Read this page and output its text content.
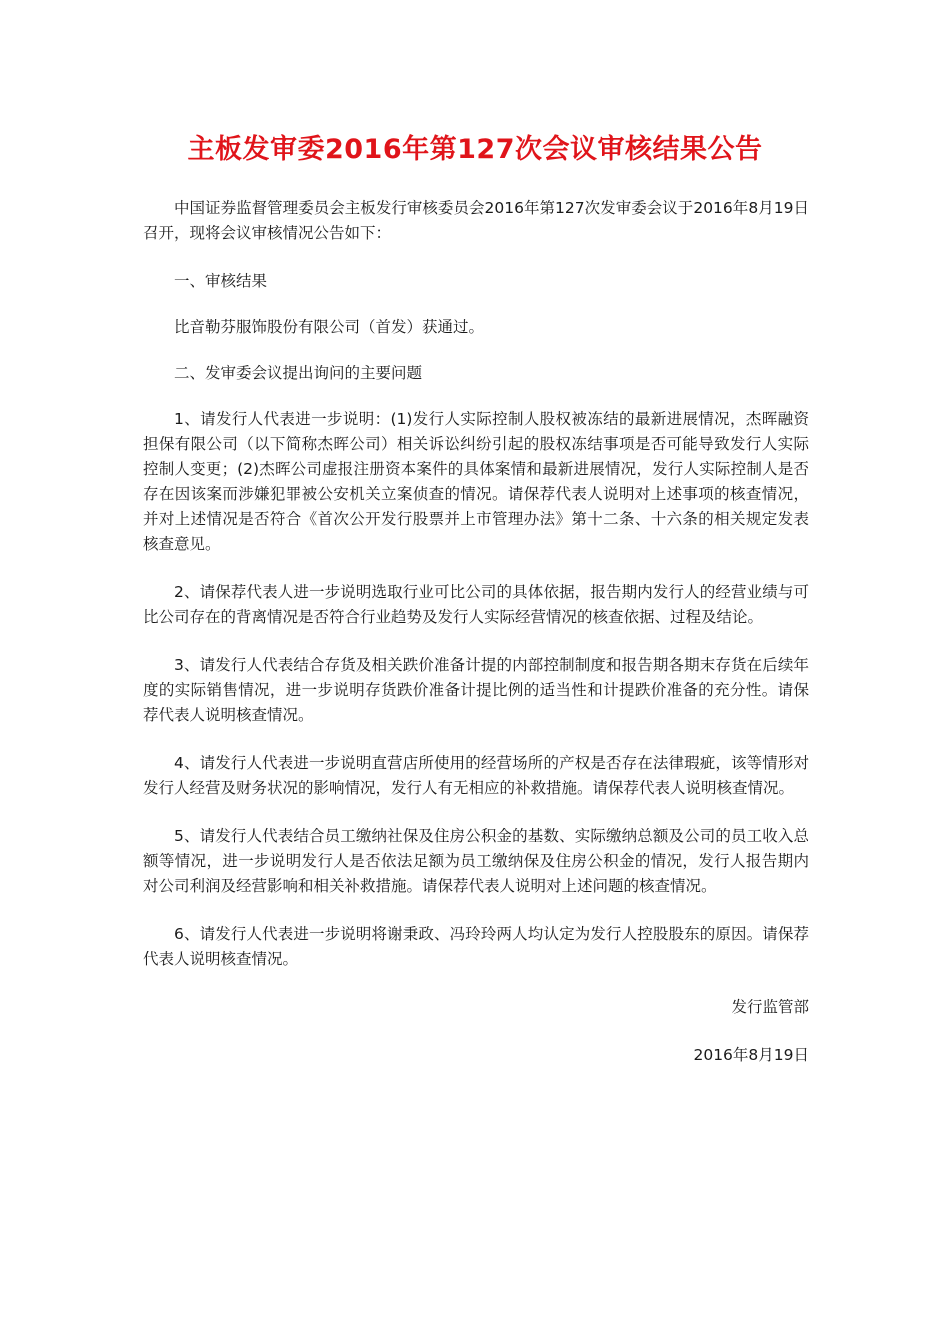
主板发审委2016年第127次会议审核结果公告

中国证券监督管理委员会主板发行审核委员会2016年第127次发审委会议于2016年8月19日召开，现将会议审核情况公告如下：

一、审核结果

比音勒芬服饰股份有限公司（首发）获通过。

二、发审委会议提出询问的主要问题

1、请发行人代表进一步说明：(1)发行人实际控制人股权被冻结的最新进展情况，杰晖融资担保有限公司（以下简称杰晖公司）相关诉讼纠纷引起的股权冻结事项是否可能导致发行人实际控制人变更；(2)杰晖公司虚报注册资本案件的具体案情和最新进展情况，发行人实际控制人是否存在因该案而涉嫌犯罪被公安机关立案侦查的情况。请保荐代表人说明对上述事项的核查情况，并对上述情况是否符合《首次公开发行股票并上市管理办法》第十二条、十六条的相关规定发表核查意见。

2、请保荐代表人进一步说明选取行业可比公司的具体依据，报告期内发行人的经营业绩与可比公司存在的背离情况是否符合行业趋势及发行人实际经营情况的核查依据、过程及结论。

3、请发行人代表结合存货及相关跌价准备计提的内部控制制度和报告期各期末存货在后续年度的实际销售情况，进一步说明存货跌价准备计提比例的适当性和计提跌价准备的充分性。请保荐代表人说明核查情况。

4、请发行人代表进一步说明直营店所使用的经营场所的产权是否存在法律瑕疵，该等情形对发行人经营及财务状况的影响情况，发行人有无相应的补救措施。请保荐代表人说明核查情况。

5、请发行人代表结合员工缴纳社保及住房公积金的基数、实际缴纳总额及公司的员工收入总额等情况，进一步说明发行人是否依法足额为员工缴纳保及住房公积金的情况，发行人报告期内对公司利润及经营影响和相关补救措施。请保荐代表人说明对上述问题的核查情况。

6、请发行人代表进一步说明将谢秉政、冯玲玲两人均认定为发行人控股股东的原因。请保荐代表人说明核查情况。

发行监管部

2016年8月19日
